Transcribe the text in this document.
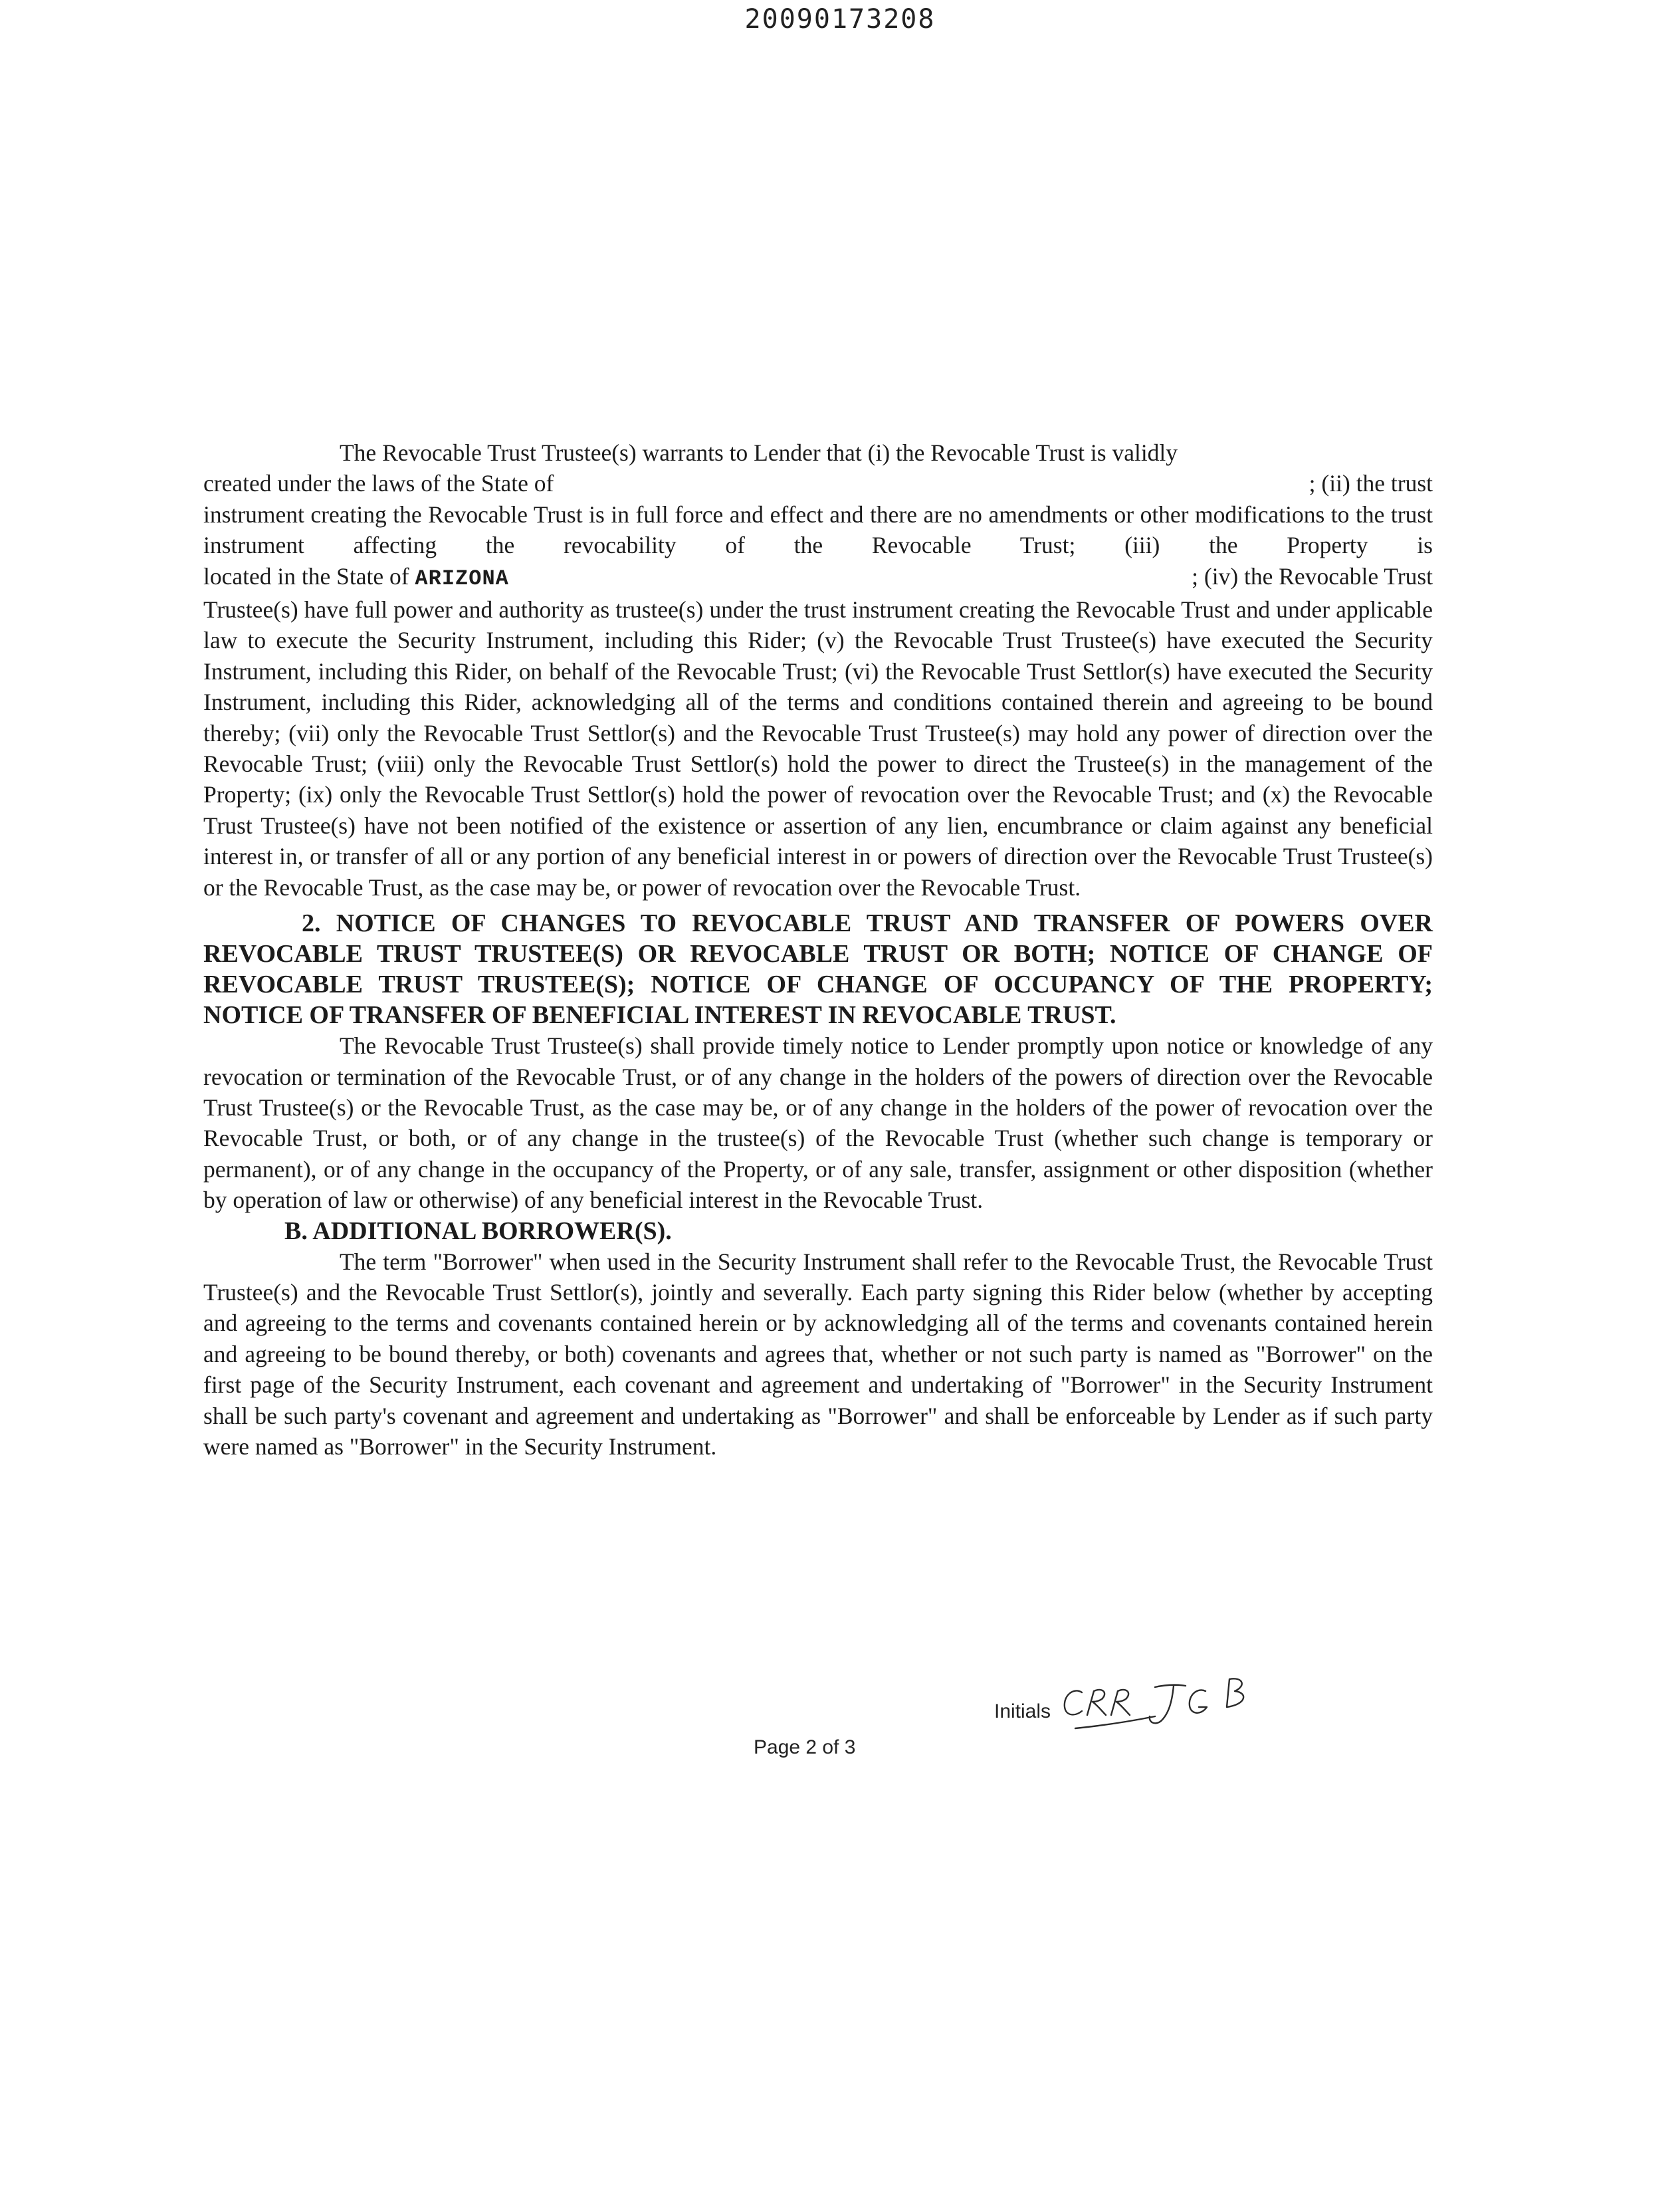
20090173208

The Revocable Trust Trustee(s) warrants to Lender that (i) the Revocable Trust is validly

created under the laws of the State of	; (ii) the trust
instrument creating the Revocable Trust is in full force and effect and there are no amendments or other modifications to the trust instrument affecting the revocability of the Revocable Trust; (iii) the Property is
located in the State of ARIZONA	; (iv) the Revocable Trust
Trustee(s) have full power and authority as trustee(s) under the trust instrument creating the Revocable Trust and under applicable law to execute the Security Instrument, including this Rider; (v) the Revocable Trust Trustee(s) have executed the Security Instrument, including this Rider, on behalf of the Revocable Trust; (vi) the Revocable Trust Settlor(s) have executed the Security Instrument, including this Rider, acknowledging all of the terms and conditions contained therein and agreeing to be bound thereby; (vii) only the Revocable Trust Settlor(s) and the Revocable Trust Trustee(s) may hold any power of direction over the Revocable Trust; (viii) only the Revocable Trust Settlor(s) hold the power to direct the Trustee(s) in the management of the Property; (ix) only the Revocable Trust Settlor(s) hold the power of revocation over the Revocable Trust; and (x) the Revocable Trust Trustee(s) have not been notified of the existence or assertion of any lien, encumbrance or claim against any beneficial interest in, or transfer of all or any portion of any beneficial interest in or powers of direction over the Revocable Trust Trustee(s) or the Revocable Trust, as the case may be, or power of revocation over the Revocable Trust.
2. NOTICE OF CHANGES TO REVOCABLE TRUST AND TRANSFER OF POWERS OVER REVOCABLE TRUST TRUSTEE(S) OR REVOCABLE TRUST OR BOTH; NOTICE OF CHANGE OF REVOCABLE TRUST TRUSTEE(S); NOTICE OF CHANGE OF OCCUPANCY OF THE PROPERTY; NOTICE OF TRANSFER OF BENEFICIAL INTEREST IN REVOCABLE TRUST.

The Revocable Trust Trustee(s) shall provide timely notice to Lender promptly upon notice or knowledge of any revocation or termination of the Revocable Trust, or of any change in the holders of the powers of direction over the Revocable Trust Trustee(s) or the Revocable Trust, as the case may be, or of any change in the holders of the power of revocation over the Revocable Trust, or both, or of any change in the trustee(s) of the Revocable Trust (whether such change is temporary or permanent), or of any change in the occupancy of the Property, or of any sale, transfer, assignment or other disposition (whether by operation of law or otherwise) of any beneficial interest in the Revocable Trust.

B. ADDITIONAL BORROWER(S).

The term "Borrower" when used in the Security Instrument shall refer to the Revocable Trust, the Revocable Trust Trustee(s) and the Revocable Trust Settlor(s), jointly and severally. Each party signing this Rider below (whether by accepting and agreeing to the terms and covenants contained herein or by acknowledging all of the terms and covenants contained herein and agreeing to be bound thereby, or both) covenants and agrees that, whether or not such party is named as "Borrower" on the first page of the Security Instrument, each covenant and agreement and undertaking of "Borrower" in the Security Instrument shall be such party's covenant and agreement and undertaking as "Borrower" and shall be enforceable by Lender as if such party were named as "Borrower" in the Security Instrument.

Initials
Page 2 of 3
